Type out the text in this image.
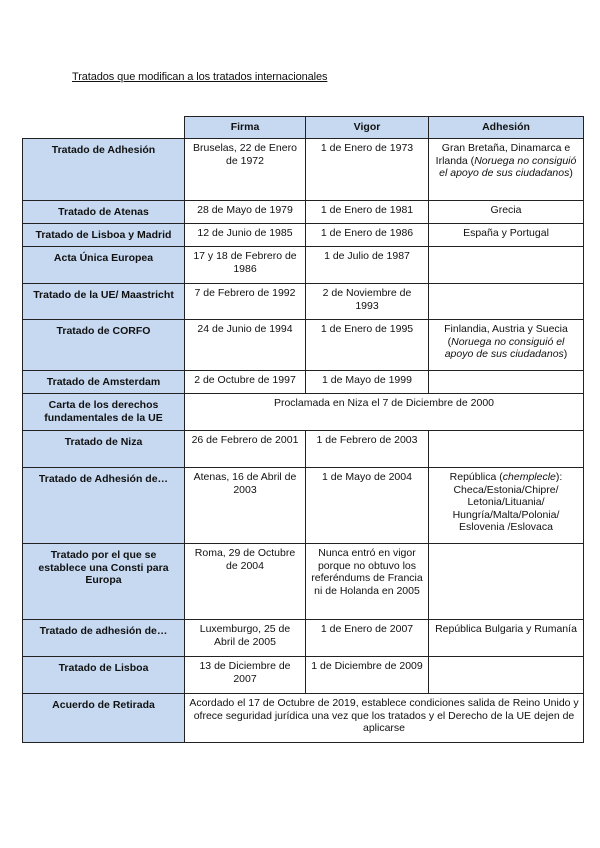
Tratados que modifican a los tratados internacionales
	Firma	Vigor	Adhesión
Tratado de Adhesión	Bruselas, 22 de Enero de 1972	1 de Enero de 1973	Gran Bretaña, Dinamarca e Irlanda (Noruega no consiguió el apoyo de sus ciudadanos)
Tratado de Atenas	28 de Mayo de 1979	1 de Enero de 1981	Grecia
Tratado de Lisboa y Madrid	12 de Junio de 1985	1 de Enero de 1986	España y Portugal
Acta Única Europea	17 y 18 de Febrero de 1986	1 de Julio de 1987	
Tratado de la UE/ Maastricht	7 de Febrero de 1992	2 de Noviembre de 1993	
Tratado de CORFO	24 de Junio de 1994	1 de Enero de 1995	Finlandia, Austria y Suecia (Noruega no consiguió el apoyo de sus ciudadanos)
Tratado de Amsterdam	2 de Octubre de 1997	1 de Mayo de 1999	
Carta de los derechos fundamentales de la UE	Proclamada en Niza el 7 de Diciembre de 2000		
Tratado de Niza	26 de Febrero de 2001	1 de Febrero de 2003	
Tratado de Adhesión de…	Atenas, 16 de Abril de 2003	1 de Mayo de 2004	República (chemplecle): Checa/Estonia/Chipre/ Letonia/Lituania/ Hungría/Malta/Polonia/ Eslovenia /Eslovaca
Tratado por el que se establece una Consti para Europa	Roma, 29 de Octubre de 2004	Nunca entró en vigor porque no obtuvo los referéndums de Francia ni de Holanda en 2005	
Tratado de adhesión de…	Luxemburgo, 25 de Abril de 2005	1 de Enero de 2007	República Bulgaria y Rumanía
Tratado de Lisboa	13 de Diciembre de 2007	1 de Diciembre de 2009	
Acuerdo de Retirada	Acordado el 17 de Octubre de 2019, establece condiciones salida de Reino Unido y ofrece seguridad jurídica una vez que los tratados y el Derecho de la UE dejen de aplicarse		
